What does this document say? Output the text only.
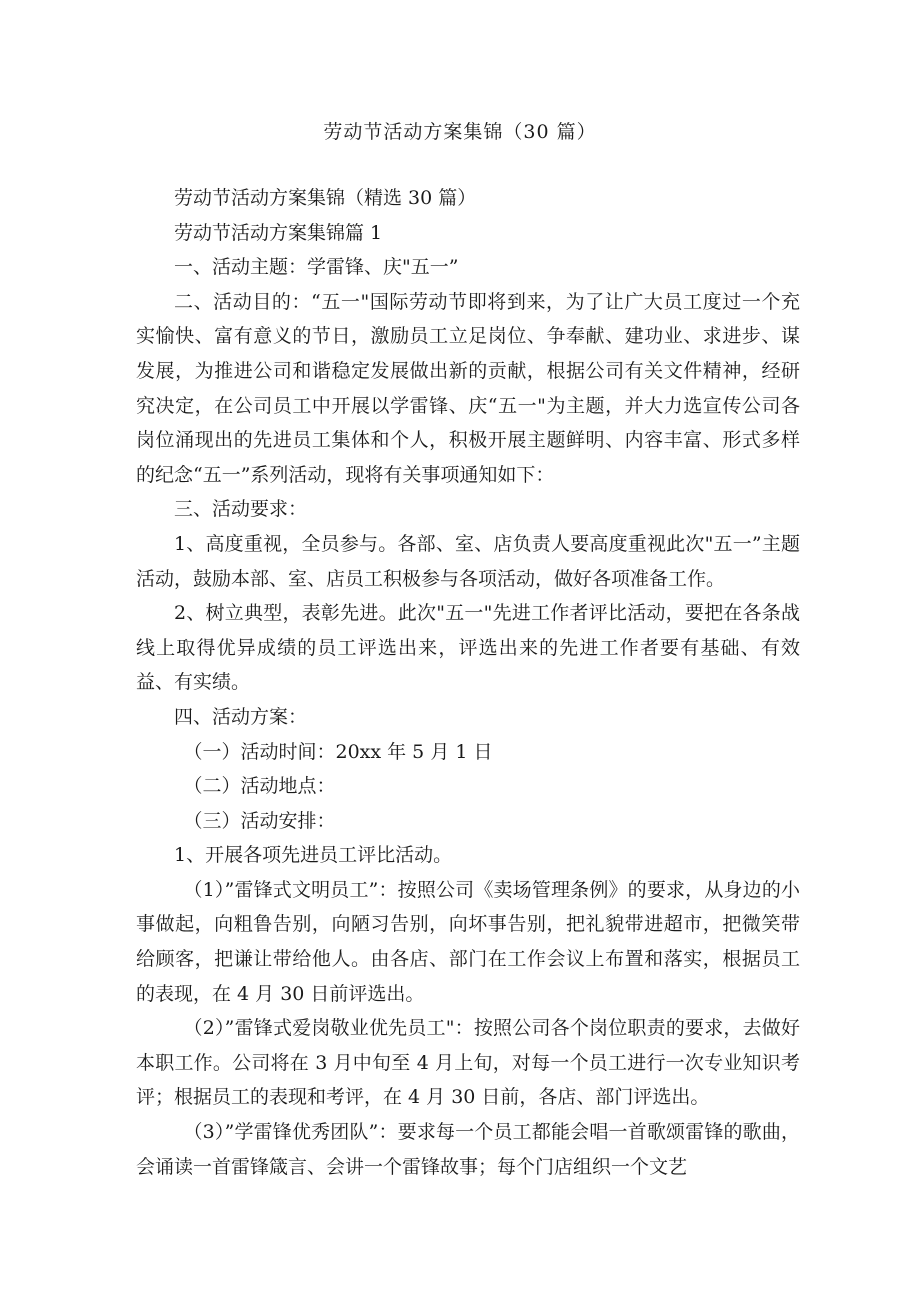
劳动节活动方案集锦（30 篇）

劳动节活动方案集锦（精选 30 篇）

劳动节活动方案集锦篇 1

一、活动主题：学雷锋、庆"五一”

二、活动目的：“五一"国际劳动节即将到来，为了让广大员工度过一个充实愉快、富有意义的节日，激励员工立足岗位、争奉献、建功业、求进步、谋发展，为推进公司和谐稳定发展做出新的贡献，根据公司有关文件精神，经研究决定，在公司员工中开展以学雷锋、庆“五一"为主题，并大力选宣传公司各岗位涌现出的先进员工集体和个人，积极开展主题鲜明、内容丰富、形式多样的纪念“五一”系列活动，现将有关事项通知如下：

三、活动要求：

1、高度重视，全员参与。各部、室、店负责人要高度重视此次"五一”主题活动，鼓励本部、室、店员工积极参与各项活动，做好各项准备工作。

2、树立典型，表彰先进。此次"五一"先进工作者评比活动，要把在各条战线上取得优异成绩的员工评选出来，评选出来的先进工作者要有基础、有效益、有实绩。

四、活动方案：

（一）活动时间：20xx 年 5 月 1 日

（二）活动地点：

（三）活动安排：

1、开展各项先进员工评比活动。

（1）”雷锋式文明员工”：按照公司《卖场管理条例》的要求，从身边的小事做起，向粗鲁告别，向陋习告别，向坏事告别，把礼貌带进超市，把微笑带给顾客，把谦让带给他人。由各店、部门在工作会议上布置和落实，根据员工的表现，在 4 月 30 日前评选出。

（2）”雷锋式爱岗敬业优先员工"：按照公司各个岗位职责的要求，去做好本职工作。公司将在 3 月中旬至 4 月上旬，对每一个员工进行一次专业知识考评；根据员工的表现和考评，在 4 月 30 日前，各店、部门评选出。

（3）”学雷锋优秀团队”：要求每一个员工都能会唱一首歌颂雷锋的歌曲，会诵读一首雷锋箴言、会讲一个雷锋故事；每个门店组织一个文艺
